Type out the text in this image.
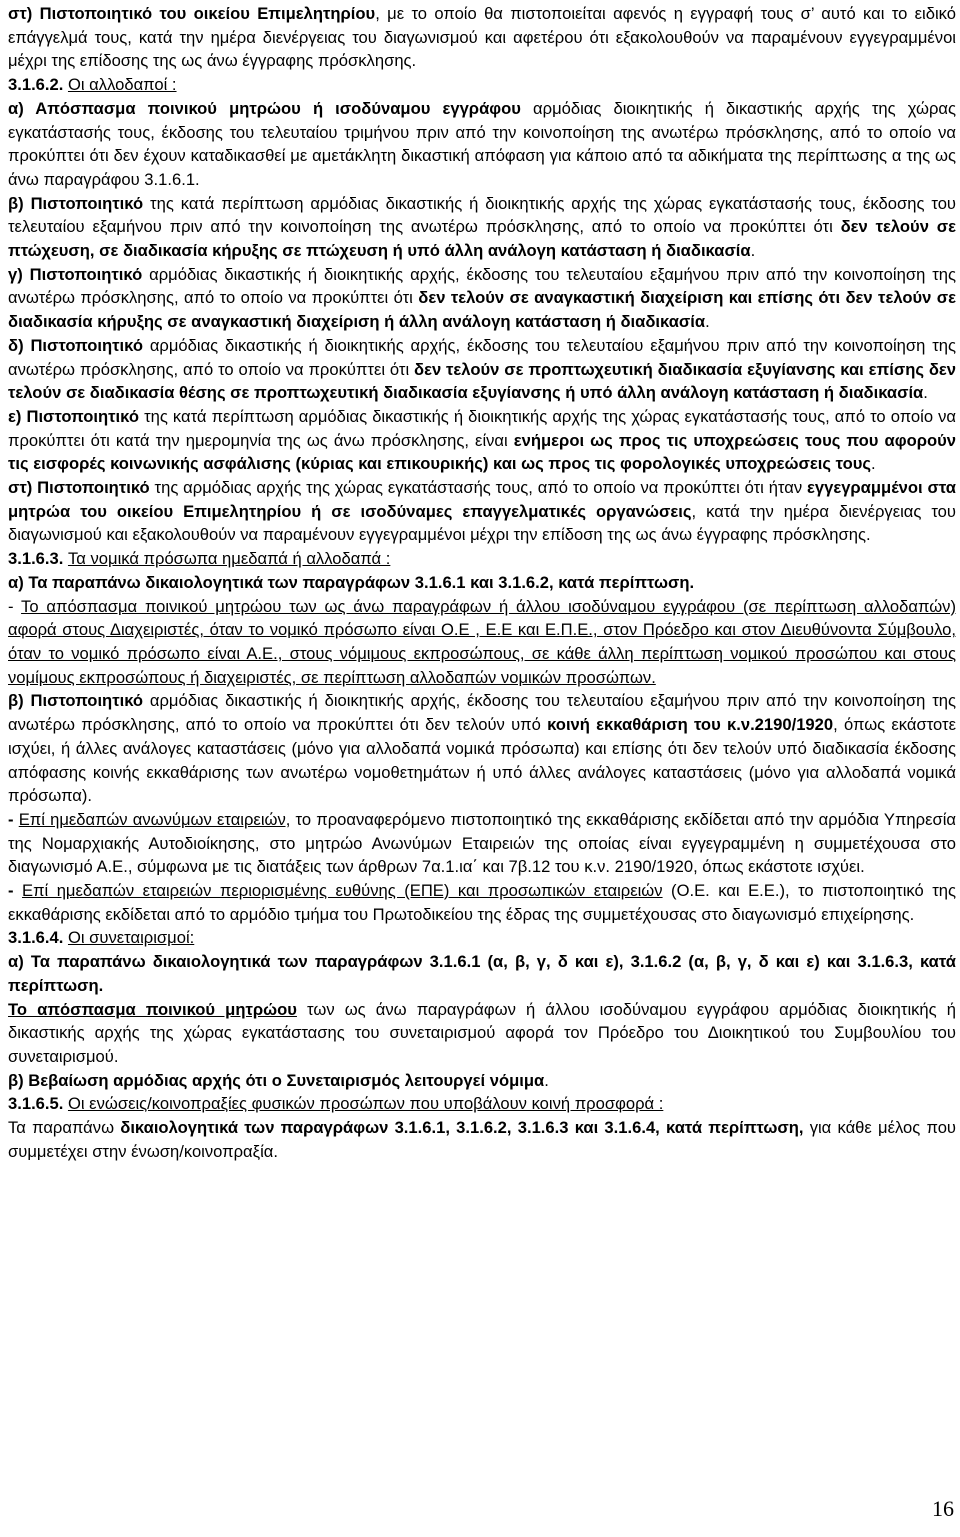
στ) Πιστοποιητικό του οικείου Επιμελητηρίου, με το οποίο θα πιστοποιείται αφενός η εγγραφή τους σ’ αυτό και το ειδικό επάγγελμά τους, κατά την ημέρα διενέργειας του διαγωνισμού και αφετέρου ότι εξακολουθούν να παραμένουν εγγεγραμμένοι μέχρι της επίδοσης της ως άνω έγγραφης πρόσκλησης.

3.1.6.2. Οι αλλοδαποί :

α) Απόσπασμα ποινικού μητρώου ή ισοδύναμου εγγράφου αρμόδιας διοικητικής ή δικαστικής αρχής της χώρας εγκατάστασής τους, έκδοσης του τελευταίου τριμήνου πριν από την κοινοποίηση της ανωτέρω πρόσκλησης, από το οποίο να προκύπτει ότι δεν έχουν καταδικασθεί με αμετάκλητη δικαστική απόφαση για κάποιο από τα αδικήματα της περίπτωσης α της ως άνω παραγράφου 3.1.6.1.

β) Πιστοποιητικό της κατά περίπτωση αρμόδιας δικαστικής ή διοικητικής αρχής της χώρας εγκατάστασής τους, έκδοσης του τελευταίου εξαμήνου πριν από την κοινοποίηση της ανωτέρω πρόσκλησης, από το οποίο να προκύπτει ότι δεν τελούν σε πτώχευση, σε διαδικασία κήρυξης σε πτώχευση ή υπό άλλη ανάλογη κατάσταση ή διαδικασία.

γ) Πιστοποιητικό αρμόδιας δικαστικής ή διοικητικής αρχής, έκδοσης του τελευταίου εξαμήνου πριν από την κοινοποίηση της ανωτέρω πρόσκλησης, από το οποίο να προκύπτει ότι δεν τελούν σε αναγκαστική διαχείριση και επίσης ότι δεν τελούν σε διαδικασία κήρυξης σε αναγκαστική διαχείριση ή άλλη ανάλογη κατάσταση ή διαδικασία.

δ) Πιστοποιητικό αρμόδιας δικαστικής ή διοικητικής αρχής, έκδοσης του τελευταίου εξαμήνου πριν από την κοινοποίηση της ανωτέρω πρόσκλησης, από το οποίο να προκύπτει ότι δεν τελούν σε προπτωχευτική διαδικασία εξυγίανσης και επίσης δεν τελούν σε διαδικασία θέσης σε προπτωχευτική διαδικασία εξυγίανσης ή υπό άλλη ανάλογη κατάσταση ή διαδικασία.

ε) Πιστοποιητικό της κατά περίπτωση αρμόδιας δικαστικής ή διοικητικής αρχής της χώρας εγκατάστασής τους, από το οποίο να προκύπτει ότι κατά την ημερομηνία της ως άνω πρόσκλησης, είναι ενήμεροι ως προς τις υποχρεώσεις τους που αφορούν τις εισφορές κοινωνικής ασφάλισης (κύριας και επικουρικής) και ως προς τις φορολογικές υποχρεώσεις τους.

στ) Πιστοποιητικό της αρμόδιας αρχής της χώρας εγκατάστασής τους, από το οποίο να προκύπτει ότι ήταν εγγεγραμμένοι στα μητρώα του οικείου Επιμελητηρίου ή σε ισοδύναμες επαγγελματικές οργανώσεις, κατά την ημέρα διενέργειας του διαγωνισμού και εξακολουθούν να παραμένουν εγγεγραμμένοι μέχρι την επίδοση της ως άνω έγγραφης πρόσκλησης.

3.1.6.3. Τα νομικά πρόσωπα ημεδαπά ή αλλοδαπά :

α) Τα παραπάνω δικαιολογητικά των παραγράφων 3.1.6.1 και 3.1.6.2, κατά περίπτωση.

- Το απόσπασμα ποινικού μητρώου των ως άνω παραγράφων ή άλλου ισοδύναμου εγγράφου (σε περίπτωση αλλοδαπών) αφορά στους Διαχειριστές, όταν το νομικό πρόσωπο είναι Ο.Ε , Ε.Ε και Ε.Π.Ε., στον Πρόεδρο και στον Διευθύνοντα Σύμβουλο, όταν το νομικό πρόσωπο είναι Α.Ε., στους νόμιμους εκπροσώπους, σε κάθε άλλη περίπτωση νομικού προσώπου και στους νομίμους εκπροσώπους ή διαχειριστές, σε περίπτωση αλλοδαπών νομικών προσώπων.

β) Πιστοποιητικό αρμόδιας δικαστικής ή διοικητικής αρχής, έκδοσης του τελευταίου εξαμήνου πριν από την κοινοποίηση της ανωτέρω πρόσκλησης, από το οποίο να προκύπτει ότι δεν τελούν υπό κοινή εκκαθάριση του κ.ν.2190/1920, όπως εκάστοτε ισχύει, ή άλλες ανάλογες καταστάσεις (μόνο για αλλοδαπά νομικά πρόσωπα) και επίσης ότι δεν τελούν υπό διαδικασία έκδοσης απόφασης κοινής εκκαθάρισης των ανωτέρω νομοθετημάτων ή υπό άλλες ανάλογες καταστάσεις (μόνο για αλλοδαπά νομικά πρόσωπα).

- Επί ημεδαπών ανωνύμων εταιρειών, το προαναφερόμενο πιστοποιητικό της εκκαθάρισης εκδίδεται από την αρμόδια Υπηρεσία της Νομαρχιακής Αυτοδιοίκησης, στο μητρώο Ανωνύμων Εταιρειών της οποίας είναι εγγεγραμμένη η συμμετέχουσα στο διαγωνισμό Α.Ε., σύμφωνα με τις διατάξεις των άρθρων 7α.1.ια΄ και 7β.12 του κ.ν. 2190/1920, όπως εκάστοτε ισχύει.

- Επί ημεδαπών εταιρειών περιορισμένης ευθύνης (ΕΠΕ) και προσωπικών εταιρειών (Ο.Ε. και Ε.Ε.), το πιστοποιητικό της εκκαθάρισης εκδίδεται από το αρμόδιο τμήμα του Πρωτοδικείου της έδρας της συμμετέχουσας στο διαγωνισμό επιχείρησης.

3.1.6.4. Οι συνεταιρισμοί:

α) Τα παραπάνω δικαιολογητικά των παραγράφων 3.1.6.1 (α, β, γ, δ και ε), 3.1.6.2 (α, β, γ, δ και ε) και 3.1.6.3, κατά περίπτωση.

Το απόσπασμα ποινικού μητρώου των ως άνω παραγράφων ή άλλου ισοδύναμου εγγράφου αρμόδιας διοικητικής ή δικαστικής αρχής της χώρας εγκατάστασης του συνεταιρισμού αφορά τον Πρόεδρο του Διοικητικού του Συμβουλίου του συνεταιρισμού.

β) Βεβαίωση αρμόδιας αρχής ότι ο Συνεταιρισμός λειτουργεί νόμιμα.

3.1.6.5. Οι ενώσεις/κοινοπραξίες φυσικών προσώπων που υποβάλουν κοινή προσφορά :

Τα παραπάνω δικαιολογητικά των παραγράφων 3.1.6.1, 3.1.6.2, 3.1.6.3 και 3.1.6.4, κατά περίπτωση, για κάθε μέλος που συμμετέχει στην ένωση/κοινοπραξία.

16
